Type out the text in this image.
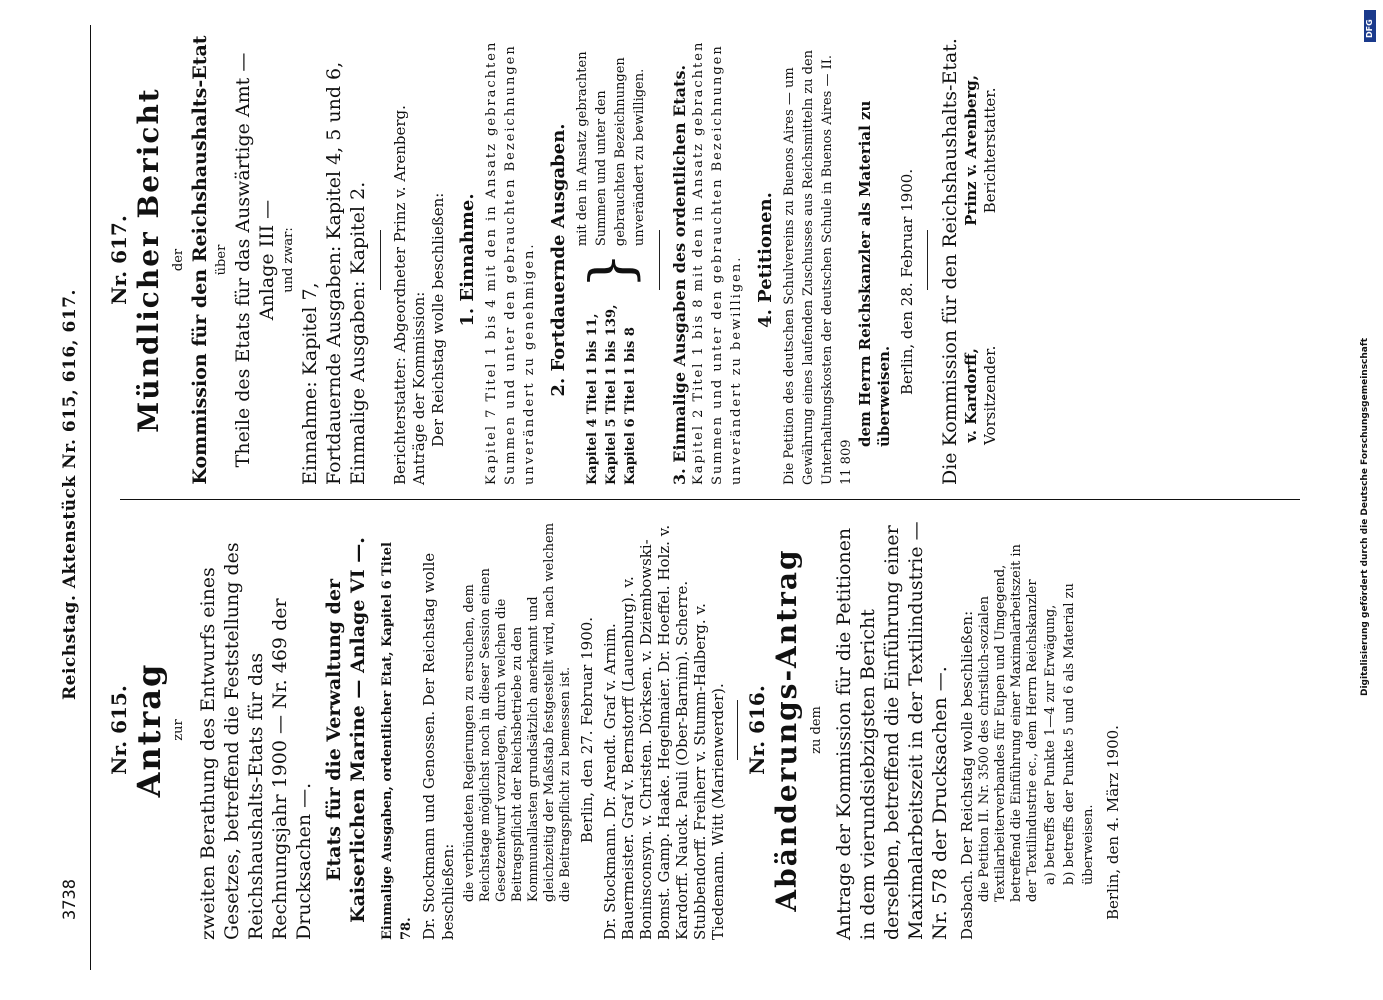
3738
Reichstag. Aktenstück Nr. 615, 616, 617.

Nr. 615. Antrag zur zweiten Berathung des Entwurfs eines Gesetzes, betreffend die Feststellung des Reichshaushalts-Etats für das Rechnungsjahr 1900 — Nr. 469 der Drucksachen —. Etats für die Verwaltung der Kaiserlichen Marine — Anlage VI —. Einmalige Ausgaben, ordentlicher Etat, Kapitel 6 Titel 78. Dr. Stockmann und Genossen. Der Reichstag wolle beschließen: die verbündeten Regierungen zu ersuchen, dem Reichstage möglichst noch in dieser Session einen Gesetzentwurf vorzulegen, durch welchen die Beitragspflicht der Reichsbetriebe zu den Kommunallasten grundsätzlich anerkannt und gleichzeitig der Maßstab festgestellt wird, nach welchem die Beitragspflicht zu bemessen ist. Berlin, den 27. Februar 1900. Dr. Stockmann. Dr. Arendt. Graf v. Arnim. Bauermeister. Graf v. Bernstorff (Lauenburg). v. Boninsconsyn. v. Christen. Dörksen. v. Dziembowski-Bomst. Gamp. Haake. Hegelmaier. Dr. Hoeffel. Holz. v. Kardorff. Nauck. Pauli (Ober-Barnim). Scherre. Stubbendorff. Freiherr v. Stumm-Halberg. v. Tiedemann. Witt (Marienwerder). Nr. 616. Abänderungs-Antrag zu dem Antrage der Kommission für die Petitionen in dem vierundsiebzigsten Bericht derselben, betreffend die Einführung einer Maximalarbeitszeit in der Textilindustrie — Nr. 578 der Drucksachen —. Dasbach. Der Reichstag wolle beschließen: die Petition II. Nr. 3500 des christlich-sozialen Textilarbeiterverbandes für Eupen und Umgegend, betreffend die Einführung einer Maximalarbeitszeit in der Textilindustrie ec., dem Herrn Reichskanzler a) betreffs der Punkte 1—4 zur Erwägung, b) betreffs der Punkte 5 und 6 als Material zu überweisen. Berlin, den 4. März 1900.

Nr. 617. Mündlicher Bericht der Kommission für den Reichshaushalts-Etat über Theile des Etats für das Auswärtige Amt — Anlage III — und zwar:

Einnahme: Kapitel 7, Fortdauernde Ausgaben: Kapitel 4, 5 und 6, Einmalige Ausgaben: Kapitel 2. Berichterstatter: Abgeordneter Prinz v. Arenberg. Anträge der Kommission: Der Reichstag wolle beschließen: 1. Einnahme. Kapitel 7 Titel 1 bis 4 mit den in Ansatz gebrachten Summen und unter den gebrauchten Bezeichnungen unverändert zu genehmigen. 2. Fortdauernde Ausgaben.

Kapitel 4 Titel 1 bis 11, Kapitel 5 Titel 1 bis 139, Kapitel 6 Titel 1 bis 8

}

mit den in Ansatz gebrachten Summen und unter den gebrauchten Bezeichnungen unverändert zu bewilligen. 3. Einmalige Ausgaben des ordentlichen Etats. Kapitel 2 Titel 1 bis 8 mit den in Ansatz gebrachten Summen und unter den gebrauchten Bezeichnungen unverändert zu bewilligen. 4. Petitionen. Die Petition des deutschen Schulvereins zu Buenos Aires — um Gewährung eines laufenden Zuschusses aus Reichsmitteln zu den Unterhaltungskosten der deutschen Schule in Buenos Aires — II. 11 809

dem Herrn Reichskanzler als Material zu überweisen.

Berlin, den 28. Februar 1900. Die Kommission für den Reichshaushalts-Etat. v. Kardorff, Vorsitzender.

Prinz v. Arenberg, Berichterstatter.

DFG
Digitalisierung gefördert durch die Deutsche Forschungsgemeinschaft
